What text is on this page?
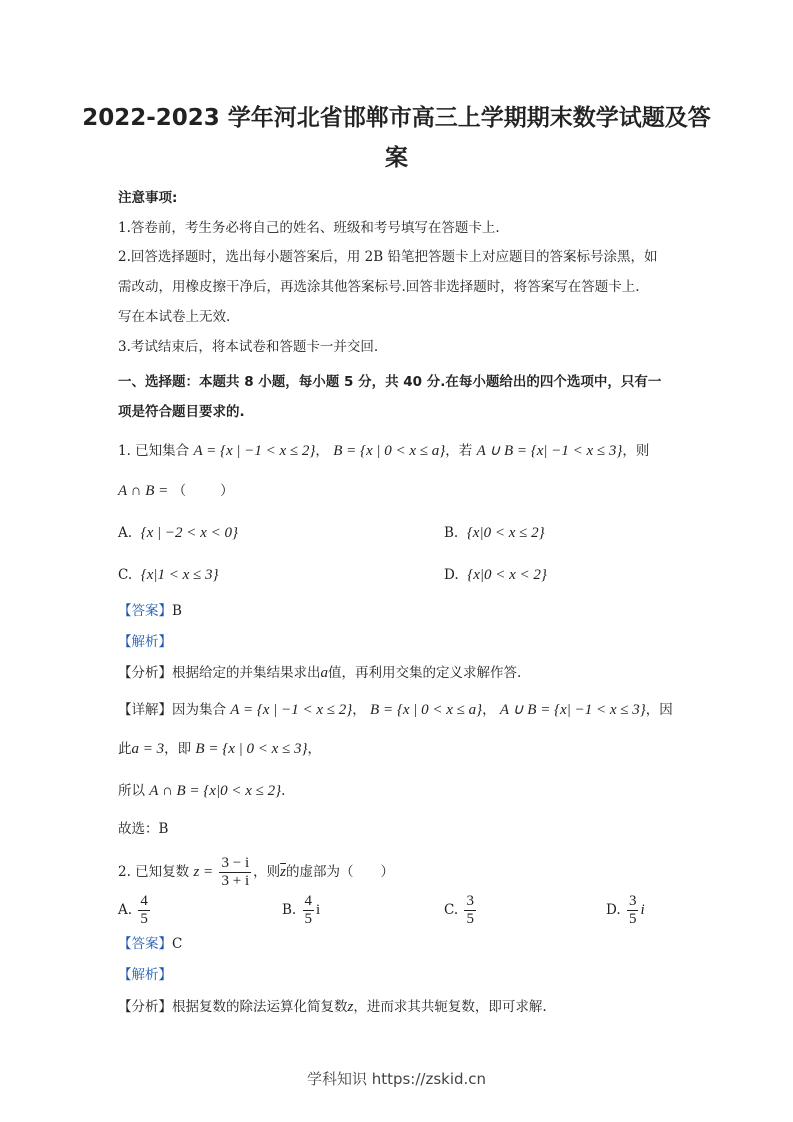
2022-2023 学年河北省邯郸市高三上学期期末数学试题及答
案
注意事项:
1.答卷前，考生务必将自己的姓名、班级和考号填写在答题卡上.
2.回答选择题时，选出每小题答案后，用 2B 铅笔把答题卡上对应题目的答案标号涂黑，如
需改动，用橡皮擦干净后，再选涂其他答案标号.回答非选择题时，将答案写在答题卡上.
写在本试卷上无效.
3.考试结束后，将本试卷和答题卡一并交回.
一、选择题：本题共 8 小题，每小题 5 分，共 40 分.在每小题给出的四个选项中，只有一
项是符合题目要求的.
1. 已知集合 A = {x | −1 < x ≤ 2}， B = {x | 0 < x ≤ a}，若 A ∪ B = {x| −1 < x ≤ 3}，则
A ∩ B = （	）
A. {x | −2 < x < 0}	B. {x|0 < x ≤ 2}
C. {x|1 < x ≤ 3}	D. {x|0 < x < 2}
【答案】B
【解析】
【分析】根据给定的并集结果求出a值，再利用交集的定义求解作答.
【详解】因为集合 A = {x | −1 < x ≤ 2}， B = {x | 0 < x ≤ a}， A ∪ B = {x| −1 < x ≤ 3}，因
此a = 3，即 B = {x | 0 < x ≤ 3}，
所以 A ∩ B = {x|0 < x ≤ 2}.
故选：B
2. 已知复数 $z = \frac{3 - i}{3 + i}$ ，则$\overline{z}$的虚部为（　　）
A. $\frac{4}{5}$	B. $\frac{4}{5}$ i	C. $\frac{3}{5}$	D. $\frac{3}{5}$ i
【答案】C
【解析】
【分析】根据复数的除法运算化简复数z，进而求其共轭复数，即可求解.
学科知识 https://zskid.cn
